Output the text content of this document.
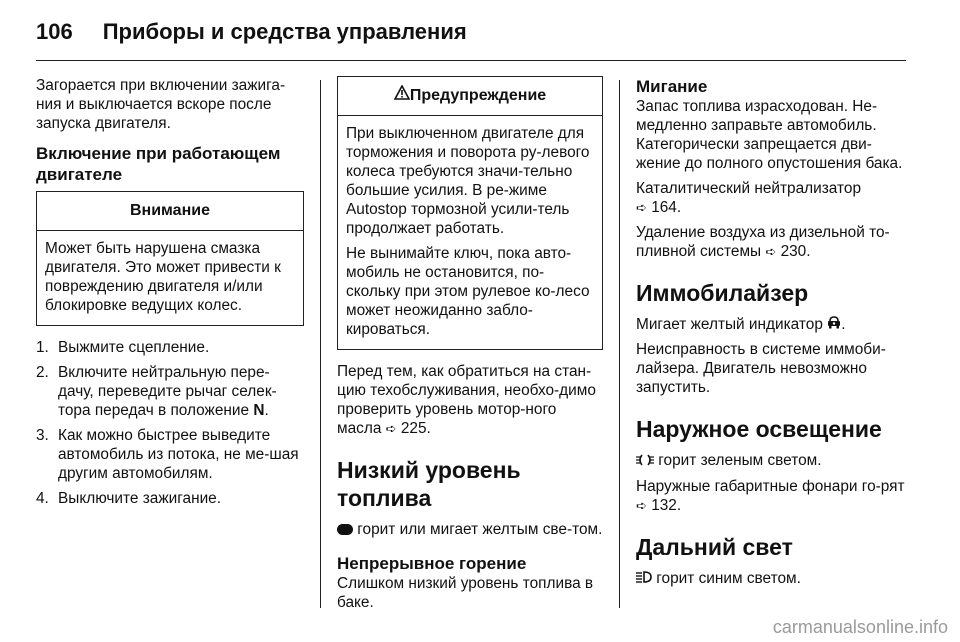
106 Приборы и средства управления

Загорается при включении зажига-ния и выключается вскоре после запуска двигателя.

Включение при работающем двигателе
Внимание

Может быть нарушена смазка двигателя. Это может привести к повреждению двигателя и/или блокировке ведущих колес.

1. Выжмите сцепление.
2. Включите нейтральную пере-дачу, переведите рычаг селек-тора передач в положение N.
3. Как можно быстрее выведите автомобиль из потока, не ме-шая другим автомобилям.
4. Выключите зажигание.
Предупреждение

При выключенном двигателе для торможения и поворота ру-левого колеса требуются значи-тельно большие усилия. В ре-жиме Autostop тормозной усили-тель продолжает работать.

Не вынимайте ключ, пока авто-мобиль не остановится, по-скольку при этом рулевое ко-лесо может неожиданно забло-кироваться.

Перед тем, как обратиться на стан-цию техобслуживания, необхо-димо проверить уровень мотор-ного масла ➪ 225.

Низкий уровень топлива

горит или мигает желтым све-том.

Непрерывное горение

Слишком низкий уровень топлива в баке.

Мигание

Запас топлива израсходован. Не-медленно заправьте автомобиль. Категорически запрещается дви-жение до полного опустошения бака.

Каталитический нейтрализатор
➪ 164.

Удаление воздуха из дизельной то-пливной системы ➪ 230.

Иммобилайзер

Мигает желтый индикатор .

Неисправность в системе иммоби-лайзера. Двигатель невозможно запустить.

Наружное освещение

горит зеленым светом.

Наружные габаритные фонари го-рят ➪ 132.

Дальний свет

горит синим светом.

carmanualsonline.info
